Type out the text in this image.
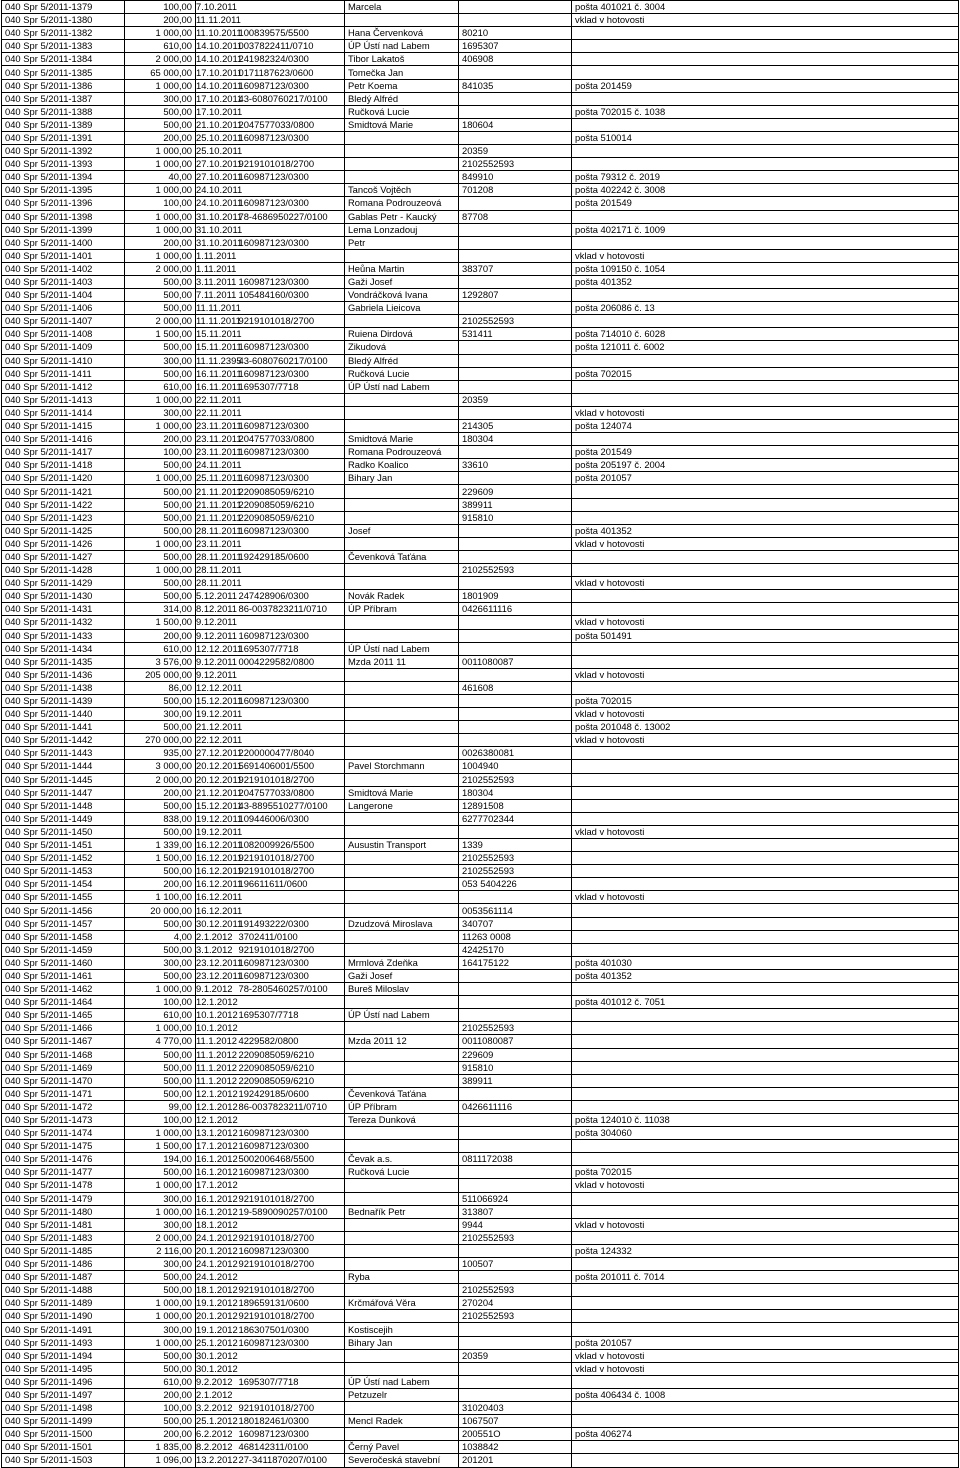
040 Spr 5/2011-1379	100,00	7.10.2011		Marcela		pošta 401021 č. 3004
040 Spr 5/2011-1380	200,00	11.11.2011				vklad v hotovosti
040 Spr 5/2011-1382	1 000,00	11.10.2011	100839575/5500	Hana Červenková	80210	
040 Spr 5/2011-1383	610,00	14.10.2011	0037822411/0710	ÚP Ústí nad Labem	1695307	
040 Spr 5/2011-1384	2 000,00	14.10.2011	241982324/0300	Tibor Lakatoš	406908	
040 Spr 5/2011-1385	65 000,00	17.10.2011	0171187623/0600	Tomečka Jan		
040 Spr 5/2011-1386	1 000,00	14.10.2011	160987123/0300	Petr Koema	841035	pošta 201459
040 Spr 5/2011-1387	300,00	17.10.2011	43-6080760217/0100	Bledý Alfréd		
040 Spr 5/2011-1388	500,00	17.10.2011		Ručková Lucie		pošta 702015 č. 1038
040 Spr 5/2011-1389	500,00	21.10.2011	2047577033/0800	Smidtová Marie	180604	
040 Spr 5/2011-1391	200,00	25.10.2011	160987123/0300			pošta 510014
040 Spr 5/2011-1392	1 000,00	25.10.2011			20359	
040 Spr 5/2011-1393	1 000,00	27.10.2011	9219101018/2700		2102552593	
040 Spr 5/2011-1394	40,00	27.10.2011	160987123/0300		849910	pošta 79312 č. 2019
040 Spr 5/2011-1395	1 000,00	24.10.2011		Tancoš Vojtěch	701208	pošta 402242 č. 3008
040 Spr 5/2011-1396	100,00	24.10.2011	160987123/0300	Romana Podrouzeová		pošta 201549
040 Spr 5/2011-1398	1 000,00	31.10.2011	78-4686950227/0100	Gablas Petr - Kaucký	87708	
040 Spr 5/2011-1399	1 000,00	31.10.2011		Lema Lonzadouj		pošta 402171 č. 1009
040 Spr 5/2011-1400	200,00	31.10.2011	160987123/0300	Petr		
040 Spr 5/2011-1401	1 000,00	1.11.2011				vklad v hotovosti
040 Spr 5/2011-1402	2 000,00	1.11.2011		Heůna Martin	383707	pošta 109150 č. 1054
040 Spr 5/2011-1403	500,00	3.11.2011	160987123/0300	Gaži Josef		pošta 401352
040 Spr 5/2011-1404	500,00	7.11.2011	105484160/0300	Vondráčková Ivana	1292807	
040 Spr 5/2011-1406	500,00	11.11.2011		Gabriela Lieicova		pošta 206086 č. 13
040 Spr 5/2011-1407	2 000,00	11.11.2011	9219101018/2700		2102552593	
040 Spr 5/2011-1408	1 500,00	15.11.2011		Ruiena Dirdová	531411	pošta 714010 č. 6028
040 Spr 5/2011-1409	500,00	15.11.2011	160987123/0300	Zikudová		pošta 121011 č. 6002
040 Spr 5/2011-1410	300,00	11.11.2395	43-6080760217/0100	Bledý Alfréd		
040 Spr 5/2011-1411	500,00	16.11.2011	160987123/0300	Ručková Lucie		pošta 702015
040 Spr 5/2011-1412	610,00	16.11.2011	1695307/7718	ÚP Ústí nad Labem		
040 Spr 5/2011-1413	1 000,00	22.11.2011			20359	
040 Spr 5/2011-1414	300,00	22.11.2011				vklad v hotovosti
040 Spr 5/2011-1415	1 000,00	23.11.2011	160987123/0300		214305	pošta 124074
040 Spr 5/2011-1416	200,00	23.11.2011	2047577033/0800	Smidtová Marie	180304	
040 Spr 5/2011-1417	100,00	23.11.2011	160987123/0300	Romana Podrouzeová		pošta 201549
040 Spr 5/2011-1418	500,00	24.11.2011		Radko Koalico	33610	pošta 205197 č. 2004
040 Spr 5/2011-1420	1 000,00	25.11.2011	160987123/0300	Bihary Jan		pošta 201057
040 Spr 5/2011-1421	500,00	21.11.2011	2209085059/6210		229609	
040 Spr 5/2011-1422	500,00	21.11.2011	2209085059/6210		389911	
040 Spr 5/2011-1423	500,00	21.11.2011	2209085059/6210		915810	
040 Spr 5/2011-1425	500,00	28.11.2011	160987123/0300	Josef		pošta 401352
040 Spr 5/2011-1426	1 000,00	23.11.2011				vklad v hotovosti
040 Spr 5/2011-1427	500,00	28.11.2011	192429185/0600	Čevenková Taťána		
040 Spr 5/2011-1428	1 000,00	28.11.2011			2102552593	
040 Spr 5/2011-1429	500,00	28.11.2011				vklad v hotovosti
040 Spr 5/2011-1430	500,00	5.12.2011	247428906/0300	Novák Radek	1801909	
040 Spr 5/2011-1431	314,00	8.12.2011	86-0037823211/0710	ÚP Příbram	0426611116	
040 Spr 5/2011-1432	1 500,00	9.12.2011				vklad v hotovosti
040 Spr 5/2011-1433	200,00	9.12.2011	160987123/0300			pošta 501491
040 Spr 5/2011-1434	610,00	12.12.2011	1695307/7718	ÚP Ústí nad Labem		
040 Spr 5/2011-1435	3 576,00	9.12.2011	0004229582/0800	Mzda 2011 11	0011080087	
040 Spr 5/2011-1436	205 000,00	9.12.2011				vklad v hotovosti
040 Spr 5/2011-1438	86,00	12.12.2011			461608	
040 Spr 5/2011-1439	500,00	15.12.2011	160987123/0300			pošta 702015
040 Spr 5/2011-1440	300,00	19.12.2011				vklad v hotovosti
040 Spr 5/2011-1441	500,00	21.12.2011				pošta 201048 č. 13002
040 Spr 5/2011-1442	270 000,00	22.12.2011				vklad v hotovosti
040 Spr 5/2011-1443	935,00	27.12.2011	2200000477/8040		0026380081	
040 Spr 5/2011-1444	3 000,00	20.12.2011	5691406001/5500	Pavel Storchmann	1004940	
040 Spr 5/2011-1445	2 000,00	20.12.2011	9219101018/2700		2102552593	
040 Spr 5/2011-1447	200,00	21.12.2011	2047577033/0800	Smidtová Marie	180304	
040 Spr 5/2011-1448	500,00	15.12.2011	43-8895510277/0100	Langerone	12891508	
040 Spr 5/2011-1449	838,00	19.12.2011	109446006/0300		6277702344	
040 Spr 5/2011-1450	500,00	19.12.2011				vklad v hotovosti
040 Spr 5/2011-1451	1 339,00	16.12.2011	1082009926/5500	Ausustin Transport	1339	
040 Spr 5/2011-1452	1 500,00	16.12.2011	9219101018/2700		2102552593	
040 Spr 5/2011-1453	500,00	16.12.2011	9219101018/2700		2102552593	
040 Spr 5/2011-1454	200,00	16.12.2011	196611611/0600		053 5404226	
040 Spr 5/2011-1455	1 100,00	16.12.2011				vklad v hotovosti
040 Spr 5/2011-1456	20 000,00	16.12.2011			0053561114	
040 Spr 5/2011-1457	500,00	30.12.2011	191493222/0300	Dzudzová Miroslava	340707	
040 Spr 5/2011-1458	4,00	2.1.2012	3702411/0100		11263 0008	
040 Spr 5/2011-1459	500,00	3.1.2012	9219101018/2700		42425170	
040 Spr 5/2011-1460	300,00	23.12.2011	160987123/0300	Mrmlová Zdeňka	164175122	pošta 401030
040 Spr 5/2011-1461	500,00	23.12.2011	160987123/0300	Gaži Josef		pošta 401352
040 Spr 5/2011-1462	1 000,00	9.1.2012	78-2805460257/0100	Bureš Miloslav		
040 Spr 5/2011-1464	100,00	12.1.2012				pošta 401012 č. 7051
040 Spr 5/2011-1465	610,00	10.1.2012	1695307/7718	ÚP Ústí nad Labem		
040 Spr 5/2011-1466	1 000,00	10.1.2012			2102552593	
040 Spr 5/2011-1467	4 770,00	11.1.2012	4229582/0800	Mzda 2011 12	0011080087	
040 Spr 5/2011-1468	500,00	11.1.2012	2209085059/6210		229609	
040 Spr 5/2011-1469	500,00	11.1.2012	2209085059/6210		915810	
040 Spr 5/2011-1470	500,00	11.1.2012	2209085059/6210		389911	
040 Spr 5/2011-1471	500,00	12.1.2012	192429185/0600	Čevenková Taťána		
040 Spr 5/2011-1472	99,00	12.1.2012	86-0037823211/0710	ÚP Příbram	0426611116	
040 Spr 5/2011-1473	100,00	12.1.2012		Tereza Dunková		pošta 124010 č. 11038
040 Spr 5/2011-1474	1 000,00	13.1.2012	160987123/0300			pošta 304060
040 Spr 5/2011-1475	1 500,00	17.1.2012	160987123/0300			
040 Spr 5/2011-1476	194,00	16.1.2012	5002006468/5500	Čevak a.s.	0811172038	
040 Spr 5/2011-1477	500,00	16.1.2012	160987123/0300	Ručková Lucie		pošta 702015
040 Spr 5/2011-1478	1 000,00	17.1.2012				vklad v hotovosti
040 Spr 5/2011-1479	300,00	16.1.2012	9219101018/2700		511066924	
040 Spr 5/2011-1480	1 000,00	16.1.2012	19-5890090257/0100	Bednařík Petr	313807	
040 Spr 5/2011-1481	300,00	18.1.2012			9944	vklad v hotovosti
040 Spr 5/2011-1483	2 000,00	24.1.2012	9219101018/2700		2102552593	
040 Spr 5/2011-1485	2 116,00	20.1.2012	160987123/0300			pošta 124332
040 Spr 5/2011-1486	300,00	24.1.2012	9219101018/2700		100507	
040 Spr 5/2011-1487	500,00	24.1.2012		Ryba		pošta 201011 č. 7014
040 Spr 5/2011-1488	500,00	18.1.2012	9219101018/2700		2102552593	
040 Spr 5/2011-1489	1 000,00	19.1.2012	189659131/0600	Krčmářová Věra	270204	
040 Spr 5/2011-1490	1 000,00	20.1.2012	9219101018/2700		2102552593	
040 Spr 5/2011-1491	300,00	19.1.2012	186307501/0300	Kostiscejih		
040 Spr 5/2011-1493	1 000,00	25.1.2012	160987123/0300	Bihary Jan		pošta 201057
040 Spr 5/2011-1494	500,00	30.1.2012			20359	vklad v hotovosti
040 Spr 5/2011-1495	500,00	30.1.2012				vklad v hotovosti
040 Spr 5/2011-1496	610,00	9.2.2012	1695307/7718	ÚP Ústí nad Labem		
040 Spr 5/2011-1497	200,00	2.1.2012		Petzuzelr		pošta 406434 č. 1008
040 Spr 5/2011-1498	100,00	3.2.2012	9219101018/2700		31020403	
040 Spr 5/2011-1499	500,00	25.1.2012	180182461/0300	Mencl Radek	1067507	
040 Spr 5/2011-1500	200,00	6.2.2012	160987123/0300		200551O	pošta 406274
040 Spr 5/2011-1501	1 835,00	8.2.2012	468142311/0100	Černý Pavel	1038842	
040 Spr 5/2011-1503	1 096,00	13.2.2012	27-3411870207/0100	Severočeská stavební	201201	
